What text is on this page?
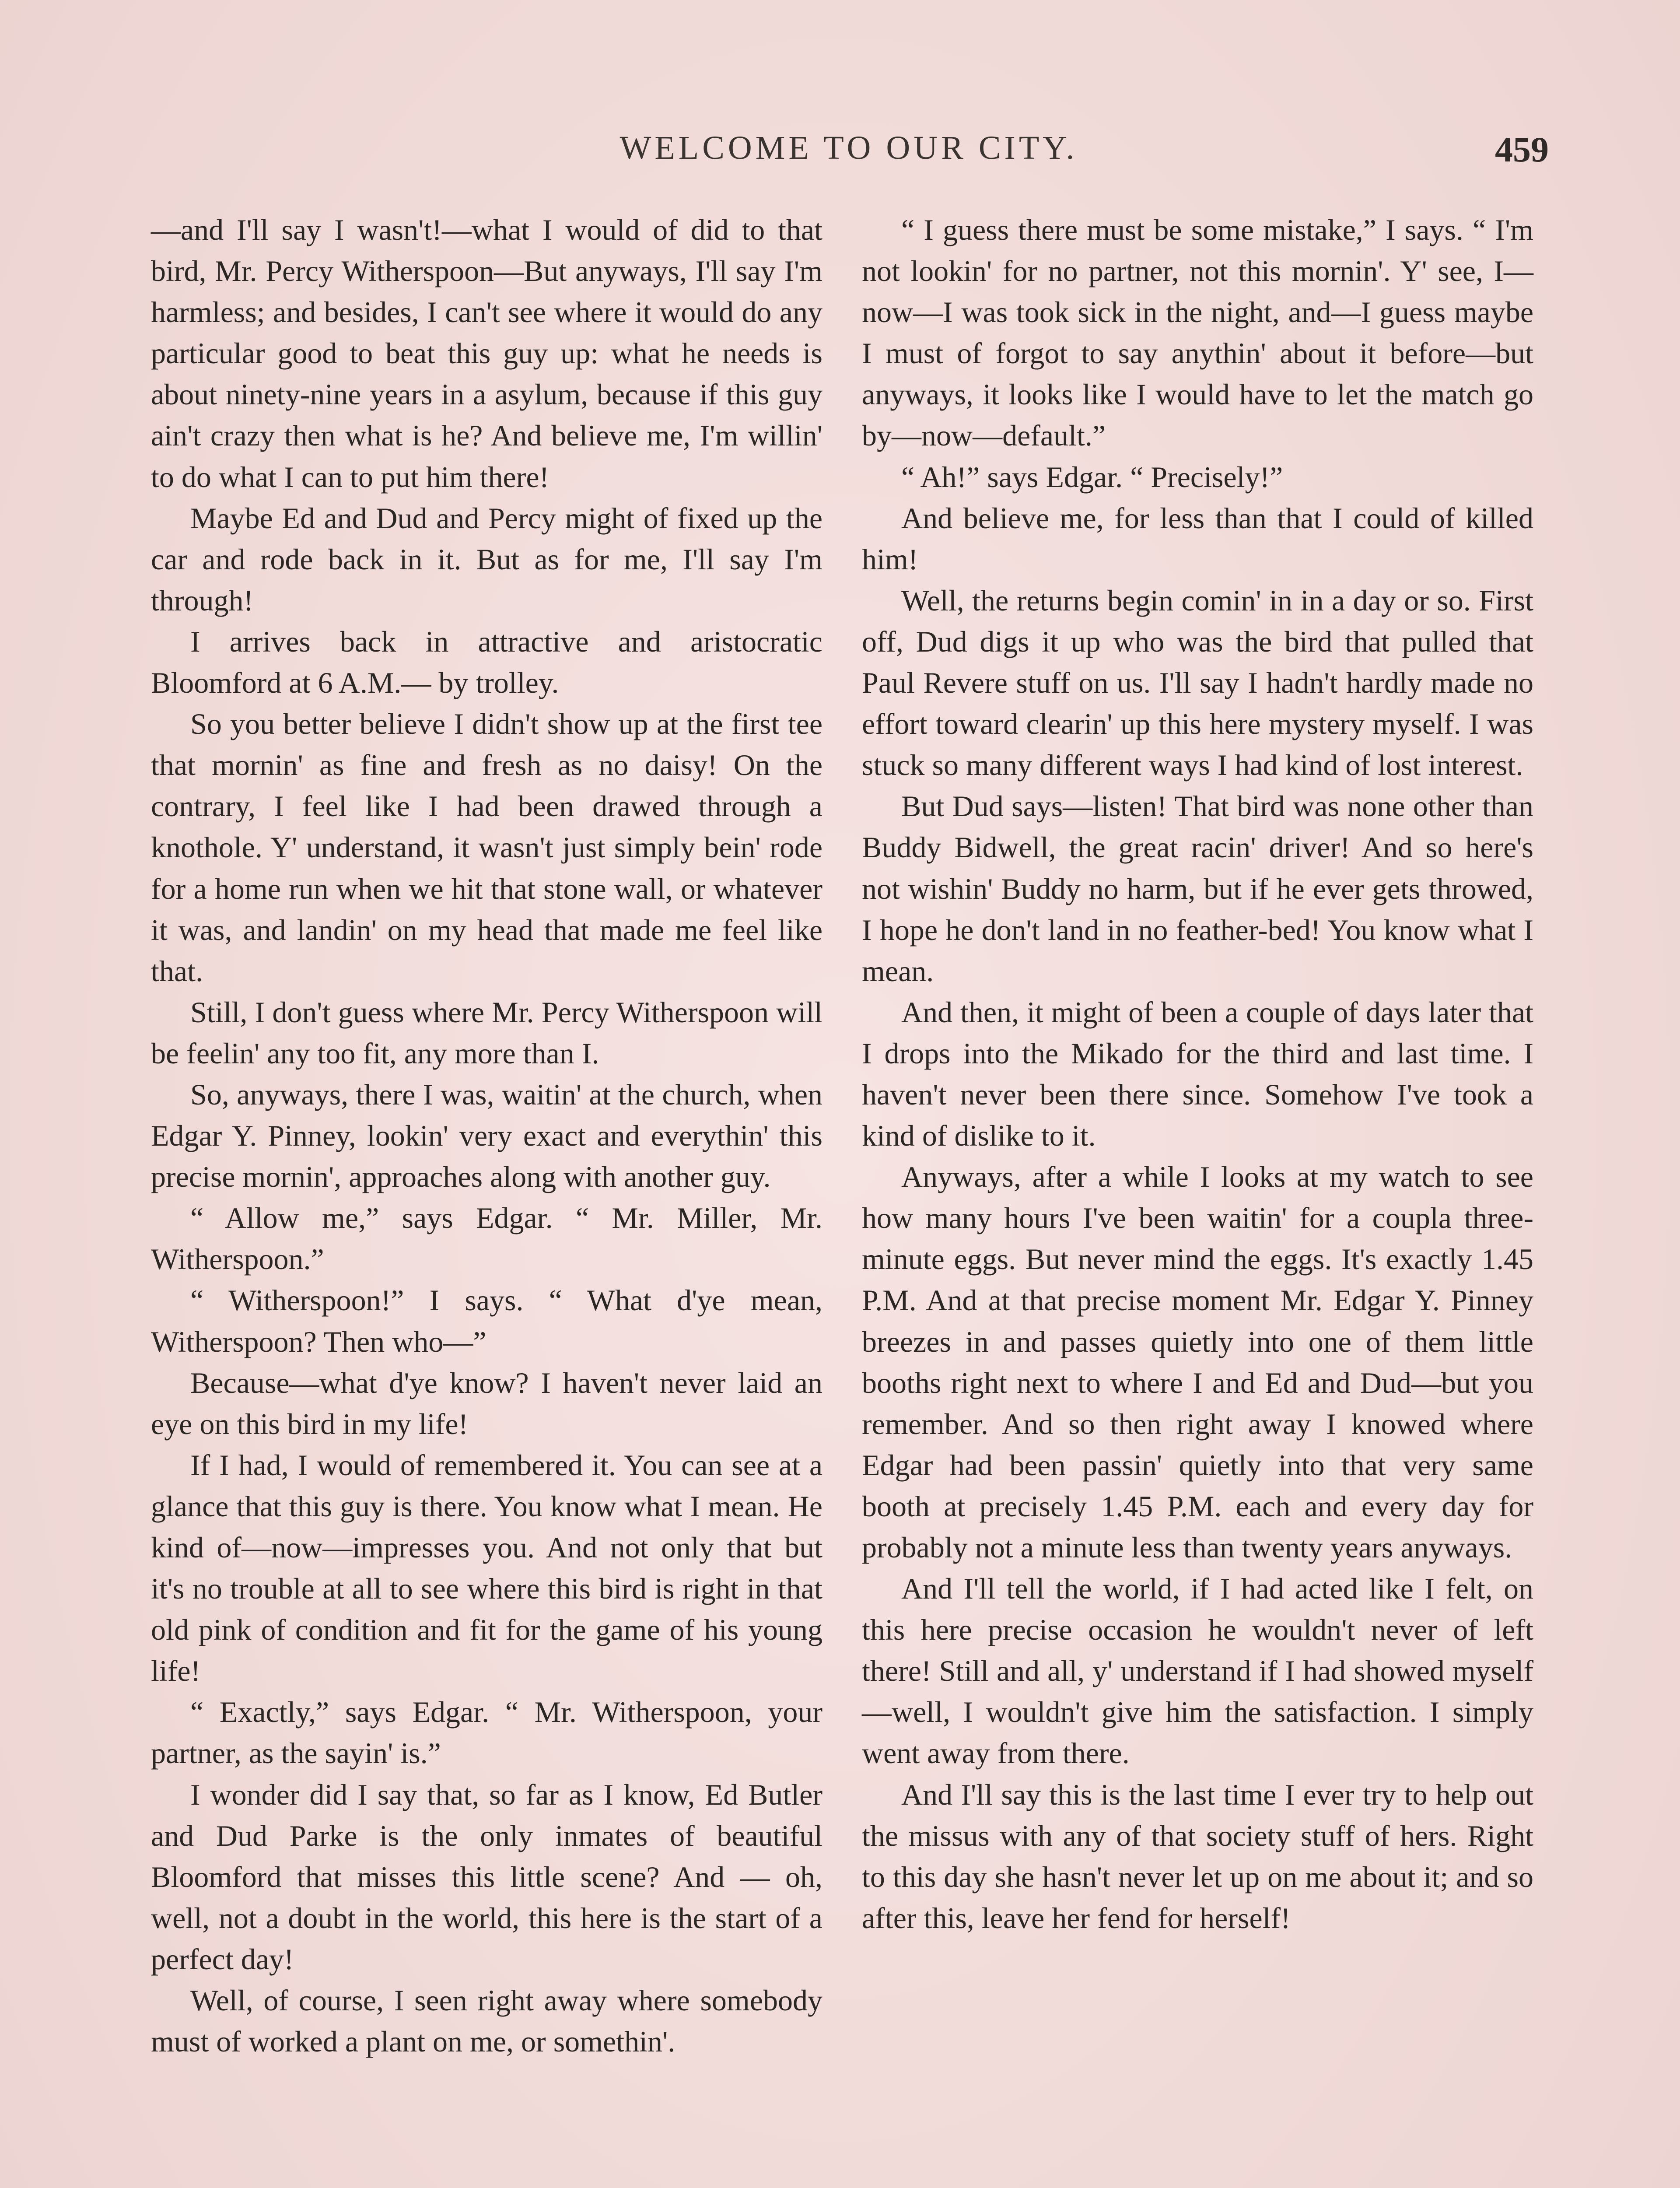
WELCOME TO OUR CITY.	459

—and I'll say I wasn't!—what I would of did to that bird, Mr. Percy Witherspoon—But anyways, I'll say I'm harmless; and besides, I can't see where it would do any particular good to beat this guy up: what he needs is about ninety-nine years in a asylum, because if this guy ain't crazy then what is he? And believe me, I'm willin' to do what I can to put him there!

Maybe Ed and Dud and Percy might of fixed up the car and rode back in it. But as for me, I'll say I'm through!

I arrives back in attractive and aristocratic Bloomford at 6 A.M.— by trolley.

So you better believe I didn't show up at the first tee that mornin' as fine and fresh as no daisy! On the contrary, I feel like I had been drawed through a knothole. Y' understand, it wasn't just simply bein' rode for a home run when we hit that stone wall, or whatever it was, and landin' on my head that made me feel like that.

Still, I don't guess where Mr. Percy Witherspoon will be feelin' any too fit, any more than I.

So, anyways, there I was, waitin' at the church, when Edgar Y. Pinney, lookin' very exact and everythin' this precise mornin', approaches along with another guy.

“ Allow me,” says Edgar. “ Mr. Miller, Mr. Witherspoon.”

“ Witherspoon!” I says. “ What d'ye mean, Witherspoon? Then who—”

Because—what d'ye know? I haven't never laid an eye on this bird in my life!

If I had, I would of remembered it. You can see at a glance that this guy is there. You know what I mean. He kind of—now—impresses you. And not only that but it's no trouble at all to see where this bird is right in that old pink of condition and fit for the game of his young life!

“ Exactly,” says Edgar. “ Mr. Witherspoon, your partner, as the sayin' is.”

I wonder did I say that, so far as I know, Ed Butler and Dud Parke is the only inmates of beautiful Bloomford that misses this little scene? And — oh, well, not a doubt in the world, this here is the start of a perfect day!

Well, of course, I seen right away where somebody must of worked a plant on me, or somethin'.

“ I guess there must be some mistake,” I says. “ I'm not lookin' for no partner, not this mornin'. Y' see, I—now—I was took sick in the night, and—I guess maybe I must of forgot to say anythin' about it before—but anyways, it looks like I would have to let the match go by—now—default.”

“ Ah!” says Edgar. “ Precisely!”

And believe me, for less than that I could of killed him!

Well, the returns begin comin' in in a day or so. First off, Dud digs it up who was the bird that pulled that Paul Revere stuff on us. I'll say I hadn't hardly made no effort toward clearin' up this here mystery myself. I was stuck so many different ways I had kind of lost interest.

But Dud says—listen! That bird was none other than Buddy Bidwell, the great racin' driver! And so here's not wishin' Buddy no harm, but if he ever gets throwed, I hope he don't land in no feather-bed! You know what I mean.

And then, it might of been a couple of days later that I drops into the Mikado for the third and last time. I haven't never been there since. Somehow I've took a kind of dislike to it.

Anyways, after a while I looks at my watch to see how many hours I've been waitin' for a coupla three-minute eggs. But never mind the eggs. It's exactly 1.45 P.M. And at that precise moment Mr. Edgar Y. Pinney breezes in and passes quietly into one of them little booths right next to where I and Ed and Dud—but you remember. And so then right away I knowed where Edgar had been passin' quietly into that very same booth at precisely 1.45 P.M. each and every day for probably not a minute less than twenty years anyways.

And I'll tell the world, if I had acted like I felt, on this here precise occasion he wouldn't never of left there! Still and all, y' understand if I had showed myself—well, I wouldn't give him the satisfaction. I simply went away from there.

And I'll say this is the last time I ever try to help out the missus with any of that society stuff of hers. Right to this day she hasn't never let up on me about it; and so after this, leave her fend for herself!
